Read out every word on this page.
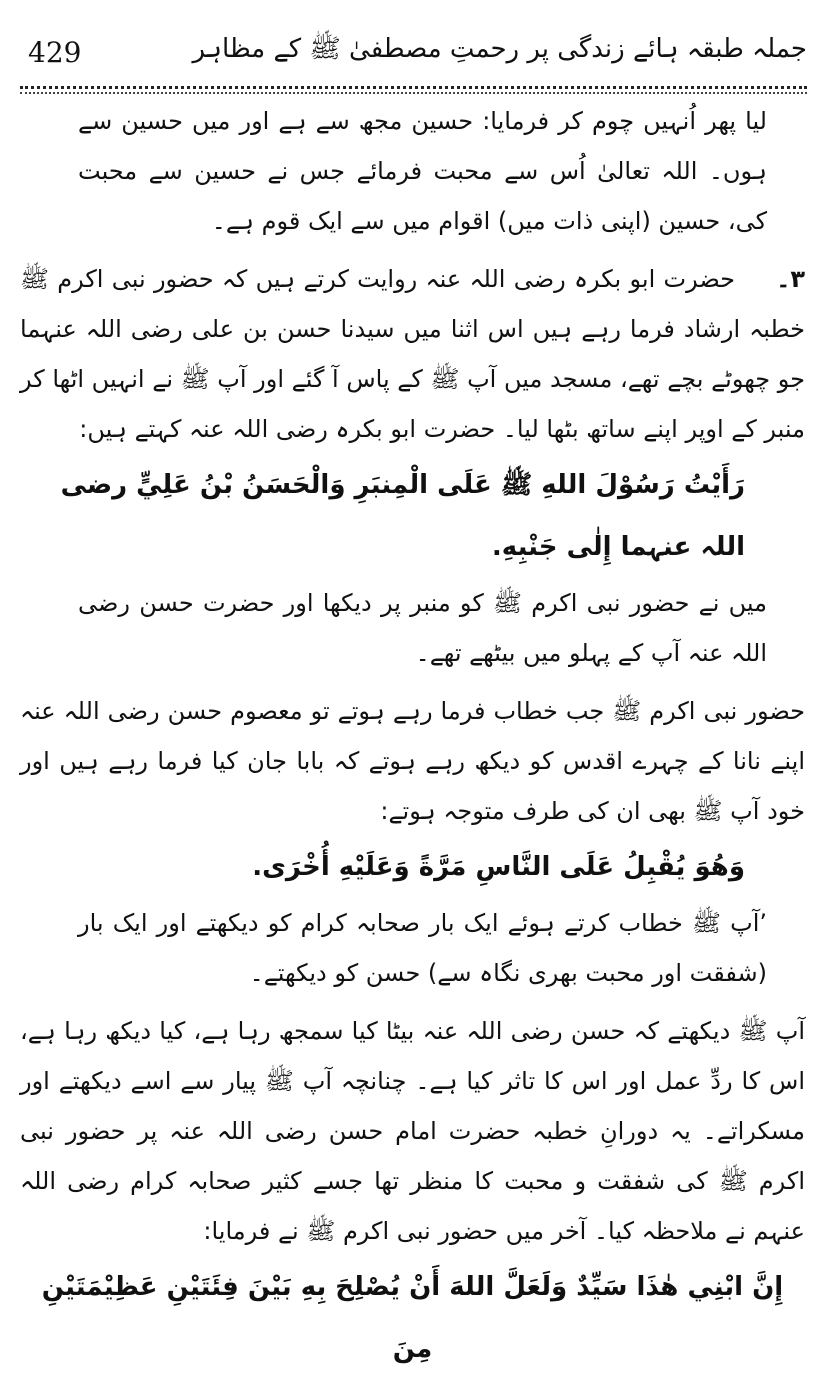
429	جملہ طبقہ ہائے زندگی پر رحمتِ مصطفیٰ ﷺ کے مظاہر

لیا پھر اُنہیں چوم کر فرمایا: حسین مجھ سے ہے اور میں حسین سے ہوں۔ اللہ تعالیٰ اُس سے محبت فرمائے جس نے حسین سے محبت کی، حسین (اپنی ذات میں) اقوام میں سے ایک قوم ہے۔

۳۔حضرت ابو بکرہ رضی اللہ عنہ روایت کرتے ہیں کہ حضور نبی اکرم ﷺ خطبہ ارشاد فرما رہے ہیں اس اثنا میں سیدنا حسن بن علی رضی اللہ عنہما جو چھوٹے بچے تھے، مسجد میں آپ ﷺ کے پاس آ گئے اور آپ ﷺ نے انہیں اٹھا کر منبر کے اوپر اپنے ساتھ بٹھا لیا۔ حضرت ابو بکرہ رضی اللہ عنہ کہتے ہیں:

رَأَيْتُ رَسُوْلَ اللهِ ﷺ عَلَى الْمِنبَرِ وَالْحَسَنُ بْنُ عَلِيٍّ رضی اللہ عنہما إِلٰى جَنْبِهِ.

میں نے حضور نبی اکرم ﷺ کو منبر پر دیکھا اور حضرت حسن رضی اللہ عنہ آپ کے پہلو میں بیٹھے تھے۔

حضور نبی اکرم ﷺ جب خطاب فرما رہے ہوتے تو معصوم حسن رضی اللہ عنہ اپنے نانا کے چہرے اقدس کو دیکھ رہے ہوتے کہ بابا جان کیا فرما رہے ہیں اور خود آپ ﷺ بھی ان کی طرف متوجہ ہوتے:

وَهُوَ يُقْبِلُ عَلَى النَّاسِ مَرَّةً وَعَلَيْهِ أُخْرَى.

’آپ ﷺ خطاب کرتے ہوئے ایک بار صحابہ کرام کو دیکھتے اور ایک بار (شفقت اور محبت بھری نگاہ سے) حسن کو دیکھتے۔

آپ ﷺ دیکھتے کہ حسن رضی اللہ عنہ بیٹا کیا سمجھ رہا ہے، کیا دیکھ رہا ہے، اس کا ردِّ عمل اور اس کا تاثر کیا ہے۔ چنانچہ آپ ﷺ پیار سے اسے دیکھتے اور مسکراتے۔ یہ دورانِ خطبہ حضرت امام حسن رضی اللہ عنہ پر حضور نبی اکرم ﷺ کی شفقت و محبت کا منظر تھا جسے کثیر صحابہ کرام رضی اللہ عنہم نے ملاحظہ کیا۔ آخر میں حضور نبی اکرم ﷺ نے فرمایا:

إِنَّ ابْنِي هٰذَا سَيِّدٌ وَلَعَلَّ اللهَ أَنْ يُصْلِحَ بِهِ بَيْنَ فِئَتَيْنِ عَظِيْمَتَيْنِ مِنَ
